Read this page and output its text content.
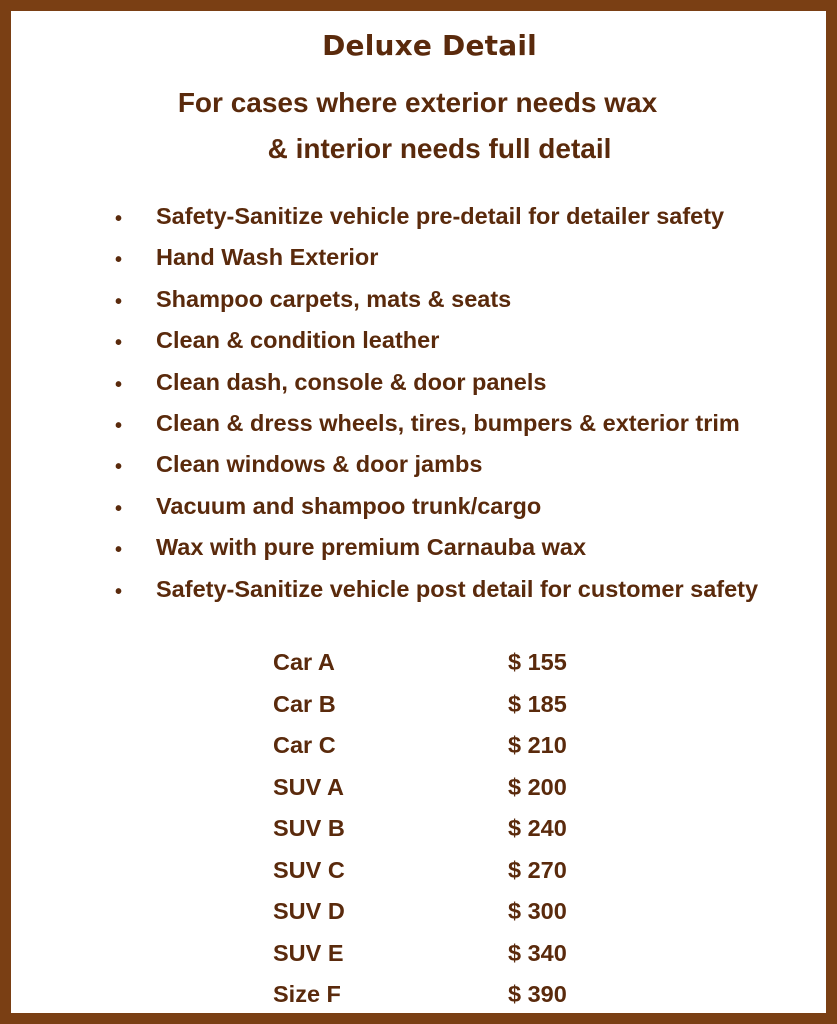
Deluxe Detail
For cases where exterior needs wax
& interior needs full detail
• Safety-Sanitize vehicle pre-detail for detailer safety
• Hand Wash Exterior
• Shampoo carpets, mats & seats
• Clean & condition leather
• Clean dash, console & door panels
• Clean & dress wheels, tires, bumpers & exterior trim
• Clean windows & door jambs
• Vacuum and shampoo trunk/cargo
• Wax with pure premium Carnauba wax
• Safety-Sanitize vehicle post detail for customer safety
Car A	$ 155
Car B	$ 185
Car C	$ 210
SUV A	$ 200
SUV B	$ 240
SUV C	$ 270
SUV D	$ 300
SUV E	$ 340
Size F	$ 390
